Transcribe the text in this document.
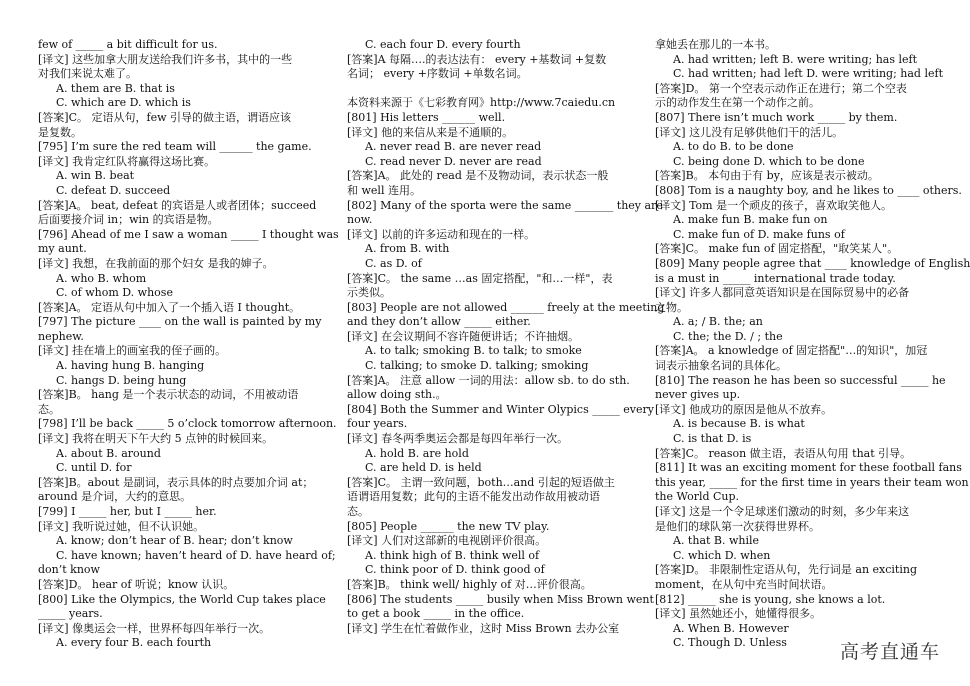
few of _____ a bit difficult for us.
[译文] 这些加拿大朋友送给我们许多书，其中的一些
对我们来说太难了。
A. them are B. that is
C. which are D. which is
[答案]C。 定语从句，few 引导的做主语，谓语应该
是复数。
[795] I’m sure the red team will ______ the game.
[译文] 我肯定红队将赢得这场比赛。
A. win B. beat
C. defeat D. succeed
[答案]A。 beat, defeat 的宾语是人或者团体；succeed
后面要接介词 in；win 的宾语是物。
[796] Ahead of me I saw a woman _____ I thought was
my aunt.
[译文] 我想，在我前面的那个妇女 是我的婶子。
A. who B. whom
C. of whom D. whose
[答案]A。 定语从句中加入了一个插入语 I thought。
[797] The picture ____ on the wall is painted by my
nephew.
[译文] 挂在墙上的画室我的侄子画的。
A. having hung B. hanging
C. hangs D. being hung
[答案]B。 hang 是一个表示状态的动词，不用被动语
态。
[798] I’ll be back _____ 5 o’clock tomorrow afternoon.
[译文] 我将在明天下午大约 5 点钟的时候回来。
A. about B. around
C. until D. for
[答案]B。about 是副词，表示具体的时点要加介词 at；
around 是介词，大约的意思。
[799] I _____ her, but I _____ her.
[译文] 我听说过她，但不认识她。
A. know; don’t hear of B. hear; don’t know
C. have known; haven’t heard of D. have heard of;
don’t know
[答案]D。 hear of 听说；know 认识。
[800] Like the Olympics, the World Cup takes place
_____ years.
[译文] 像奥运会一样，世界杯每四年举行一次。
A. every four B. each fourth
C. each four D. every fourth
[答案]A 每隔….的表达法有： every +基数词 +复数
名词； every +序数词 +单数名词。
本资料来源于《七彩教育网》http://www.7caiedu.cn
[801] His letters ______ well.
[译文] 他的来信从来是不通顺的。
A. never read B. are never read
C. read never D. never are read
[答案]A。 此处的 read 是不及物动词，表示状态一般
和 well 连用。
[802] Many of the sporta were the same _______ they are
now.
[译文] 以前的许多运动和现在的一样。
A. from B. with
C. as D. of
[答案]C。 the same …as 固定搭配，"和…一样"，表
示类似。
[803] People are not allowed ______ freely at the meeting
and they don’t allow _____ either.
[译文] 在会议期间不容许随便讲话；不许抽烟。
A. to talk; smoking B. to talk; to smoke
C. talking; to smoke D. talking; smoking
[答案]A。 注意 allow 一词的用法：allow sb. to do sth.
allow doing sth.。
[804] Both the Summer and Winter Olypics _____ every
four years.
[译文] 春冬两季奥运会都是每四年举行一次。
A. hold B. are hold
C. are held D. is held
[答案]C。 主谓一致问题，both…and 引起的短语做主
语谓语用复数；此句的主语不能发出动作故用被动语
态。
[805] People ______ the new TV play.
[译文] 人们对这部新的电视剧评价很高。
A. think high of B. think well of
C. think poor of D. think good of
[答案]B。 think well/ highly of 对…评价很高。
[806] The students _____ busily when Miss Brown went
to get a book _____ in the office.
[译文] 学生在忙着做作业，这时 Miss Brown 去办公室
拿她丢在那儿的一本书。
A. had written; left B. were writing; has left
C. had written; had left D. were writing; had left
[答案]D。 第一个空表示动作正在进行；第二个空表
示的动作发生在第一个动作之前。
[807] There isn’t much work _____ by them.
[译文] 这儿没有足够供他们干的活儿。
A. to do B. to be done
C. being done D. which to be done
[答案]B。 本句由于有 by，应该是表示被动。
[808] Tom is a naughty boy, and he likes to ____ others.
[译文] Tom 是一个顽皮的孩子，喜欢取笑他人。
A. make fun B. make fun on
C. make fun of D. make funs of
[答案]C。 make fun of 固定搭配，"取笑某人"。
[809] Many people agree that ____ knowledge of English
is a must in _____ international trade today.
[译文] 许多人都同意英语知识是在国际贸易中的必备
之物。
A. a; / B. the; an
C. the; the D. / ; the
[答案]A。 a knowledge of 固定搭配"…的知识"，加冠
词表示抽象名词的具体化。
[810] The reason he has been so successful _____ he
never gives up.
[译文] 他成功的原因是他从不放弃。
A. is because B. is what
C. is that D. is
[答案]C。 reason 做主语，表语从句用 that 引导。
[811] It was an exciting moment for these football fans
this year, _____ for the first time in years their team won
the World Cup.
[译文] 这是一个令足球迷们激动的时刻，多少年来这
是他们的球队第一次获得世界杯。
A. that B. while
C. which D. when
[答案]D。 非限制性定语从句，先行词是 an exciting
moment，在从句中充当时间状语。
[812] _____ she is young, she knows a lot.
[译文] 虽然她还小，她懂得很多。
A. When B. However
C. Though D. Unless	高考直通车
